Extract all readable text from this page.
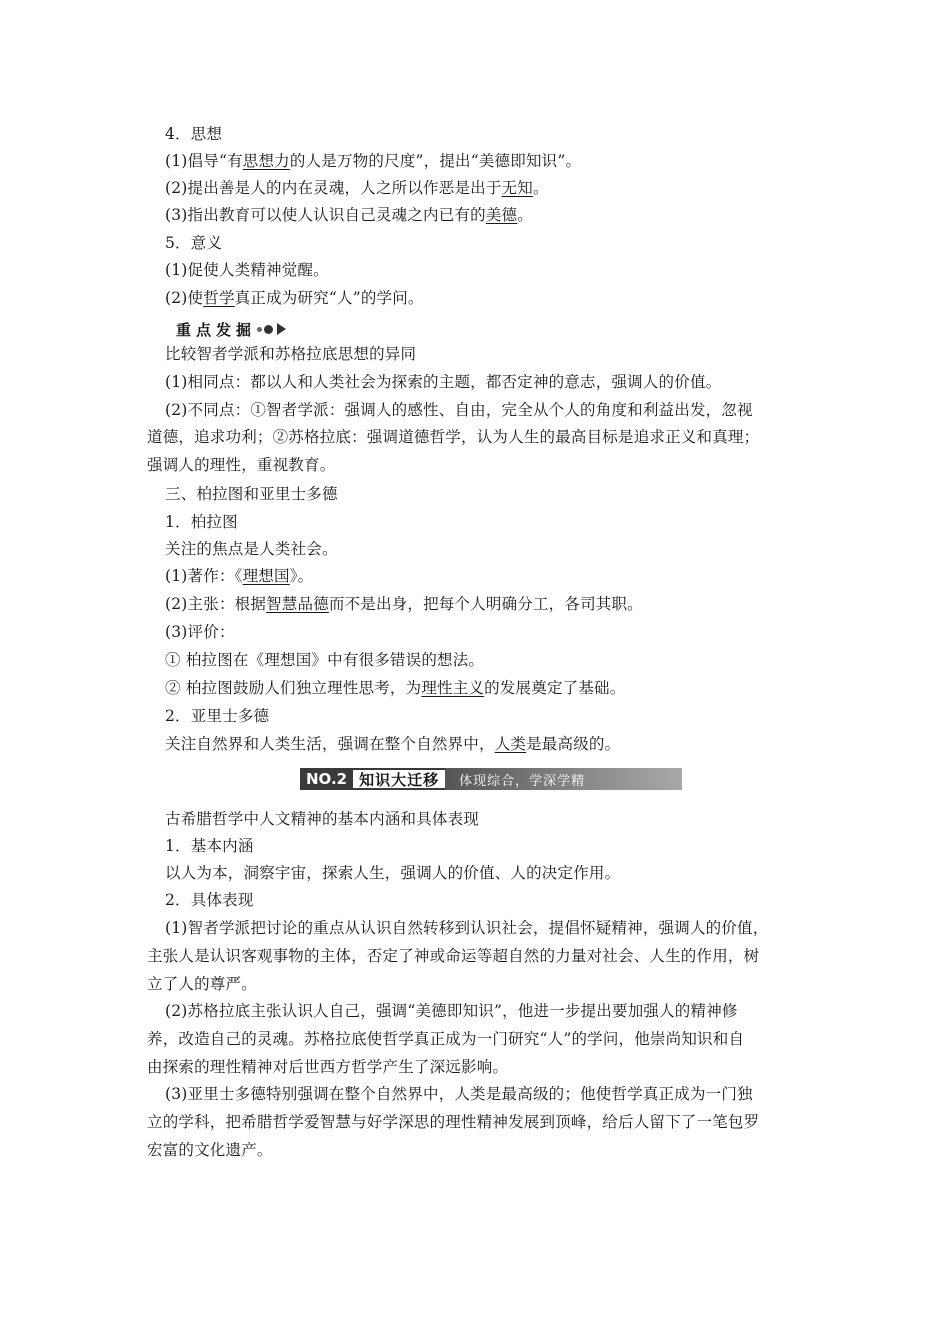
4．思想
(1)倡导“有思想力的人是万物的尺度”，提出“美德即知识”。
(2)提出善是人的内在灵魂，人之所以作恶是出于无知。
(3)指出教育可以使人认识自己灵魂之内已有的美德。
5．意义
(1)促使人类精神觉醒。
(2)使哲学真正成为研究“人”的学问。
重 点 发 掘
比较智者学派和苏格拉底思想的异同
(1)相同点：都以人和人类社会为探索的主题，都否定神的意志，强调人的价值。
(2)不同点：①智者学派：强调人的感性、自由，完全从个人的角度和利益出发，忽视
道德，追求功利；②苏格拉底：强调道德哲学，认为人生的最高目标是追求正义和真理；
强调人的理性，重视教育。
三、柏拉图和亚里士多德
1．柏拉图
关注的焦点是人类社会。
(1)著作：《理想国》。
(2)主张：根据智慧品德而不是出身，把每个人明确分工，各司其职。
(3)评价：
① 柏拉图在《理想国》中有很多错误的想法。
② 柏拉图鼓励人们独立理性思考，为理性主义的发展奠定了基础。
2．亚里士多德
关注自然界和人类生活，强调在整个自然界中，人类是最高级的。
NO.2 知识大迁移	体现综合，学深学精
古希腊哲学中人文精神的基本内涵和具体表现
1．基本内涵
以人为本，洞察宇宙，探索人生，强调人的价值、人的决定作用。
2．具体表现
(1)智者学派把讨论的重点从认识自然转移到认识社会，提倡怀疑精神，强调人的价值，
主张人是认识客观事物的主体，否定了神或命运等超自然的力量对社会、人生的作用，树
立了人的尊严。
(2)苏格拉底主张认识人自己，强调“美德即知识”，他进一步提出要加强人的精神修
养，改造自己的灵魂。苏格拉底使哲学真正成为一门研究“人”的学问，他崇尚知识和自
由探索的理性精神对后世西方哲学产生了深远影响。
(3)亚里士多德特别强调在整个自然界中，人类是最高级的；他使哲学真正成为一门独
立的学科，把希腊哲学爱智慧与好学深思的理性精神发展到顶峰，给后人留下了一笔包罗
宏富的文化遗产。
